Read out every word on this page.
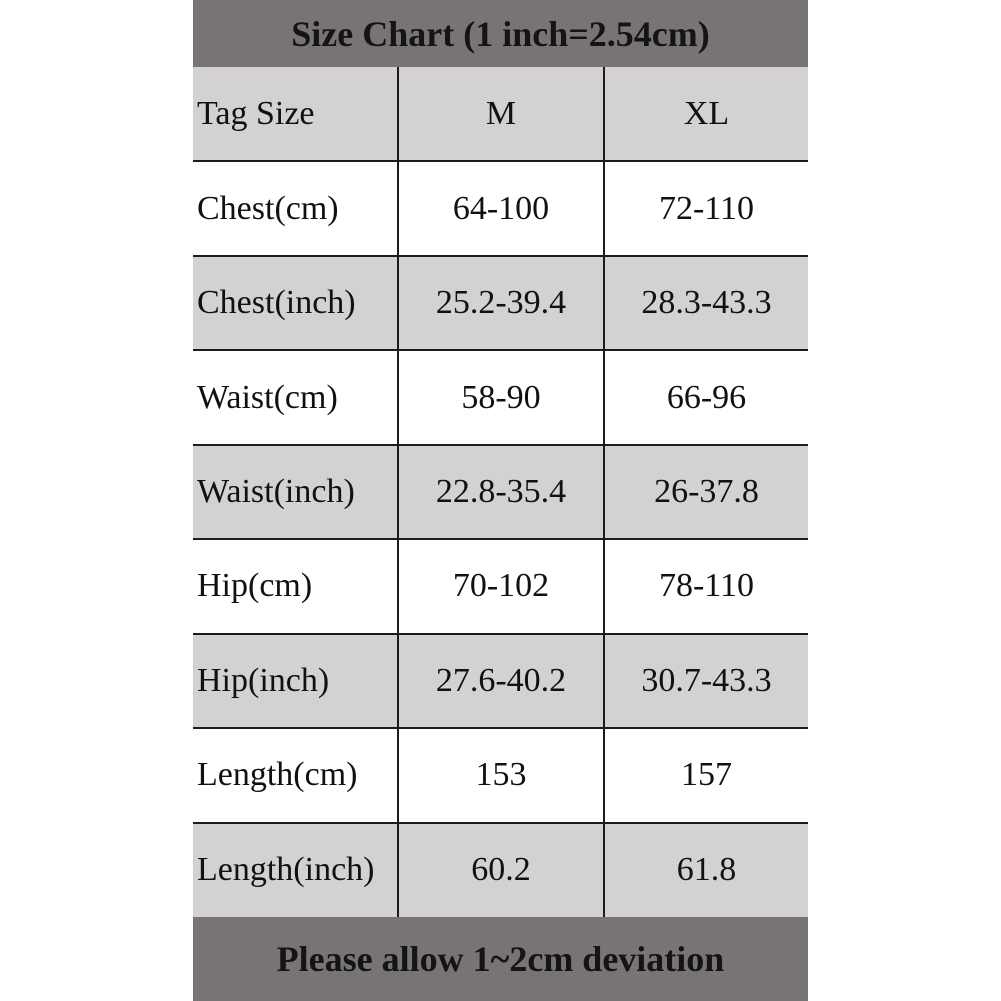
Size Chart (1 inch=2.54cm)
Tag Size	M	XL
Chest(cm)	64-100	72-110
Chest(inch)	25.2-39.4	28.3-43.3
Waist(cm)	58-90	66-96
Waist(inch)	22.8-35.4	26-37.8
Hip(cm)	70-102	78-110
Hip(inch)	27.6-40.2	30.7-43.3
Length(cm)	153	157
Length(inch)	60.2	61.8
Please allow 1~2cm deviation
